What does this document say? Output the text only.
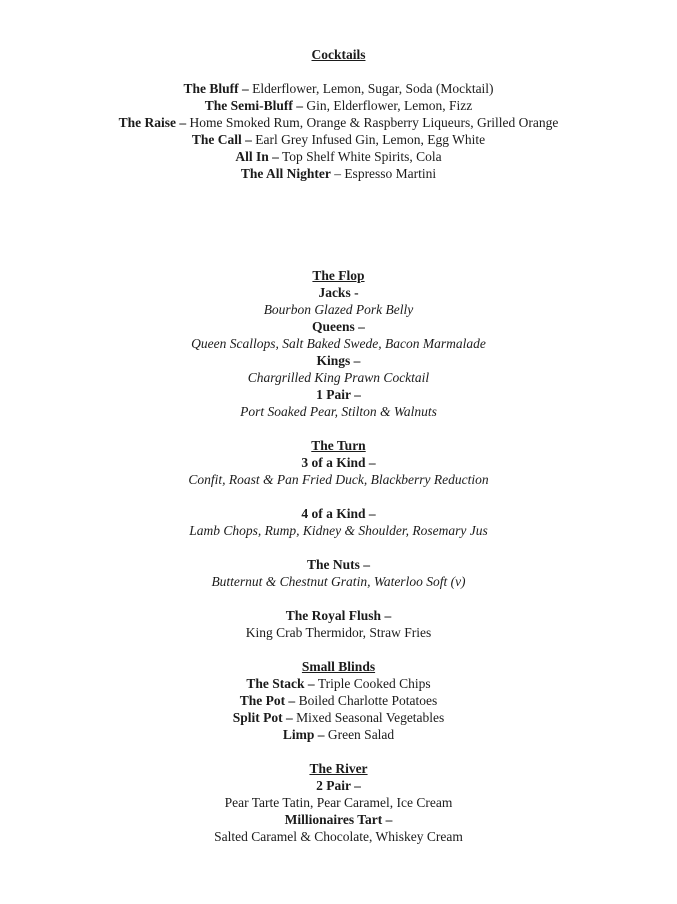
Cocktails

The Bluff – Elderflower, Lemon, Sugar, Soda (Mocktail)
The Semi-Bluff – Gin, Elderflower, Lemon, Fizz
The Raise – Home Smoked Rum, Orange & Raspberry Liqueurs, Grilled Orange
The Call – Earl Grey Infused Gin, Lemon, Egg White
All In – Top Shelf White Spirits, Cola
The All Nighter – Espresso Martini

The Flop
Jacks -
Bourbon Glazed Pork Belly
Queens –
Queen Scallops, Salt Baked Swede, Bacon Marmalade
Kings –
Chargrilled King Prawn Cocktail
1 Pair –
Port Soaked Pear, Stilton & Walnuts

The Turn
3 of a Kind –
Confit, Roast & Pan Fried Duck, Blackberry Reduction

4 of a Kind –
Lamb Chops, Rump, Kidney & Shoulder, Rosemary Jus

The Nuts –
Butternut & Chestnut Gratin, Waterloo Soft (v)

The Royal Flush –
King Crab Thermidor, Straw Fries

Small Blinds
The Stack – Triple Cooked Chips
The Pot – Boiled Charlotte Potatoes
Split Pot – Mixed Seasonal Vegetables
Limp – Green Salad

The River
2 Pair –
Pear Tarte Tatin, Pear Caramel, Ice Cream
Millionaires Tart –
Salted Caramel & Chocolate, Whiskey Cream
